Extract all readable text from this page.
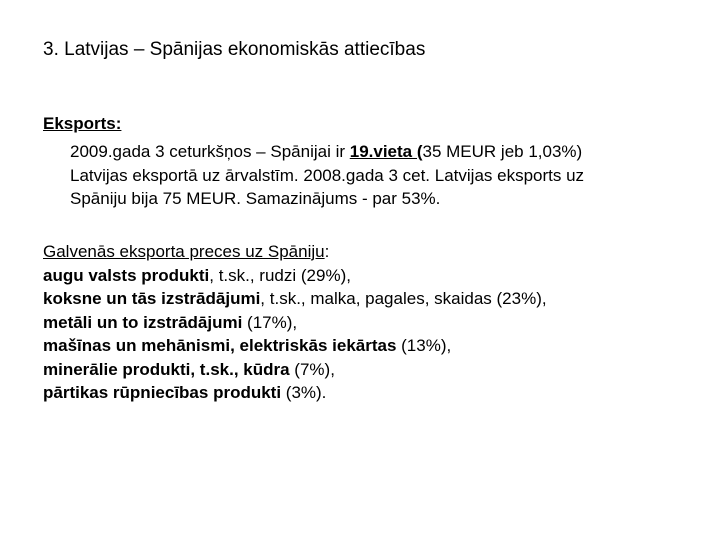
3. Latvijas – Spānijas ekonomiskās attiecības
Eksports:
2009.gada 3 ceturkšņos – Spānijai ir 19.vieta (35 MEUR jeb 1,03%)
Latvijas eksportā uz ārvalstīm. 2008.gada 3 cet. Latvijas eksports uz
Spāniju bija 75 MEUR. Samazinājums - par 53%.
Galvenās eksporta preces uz Spāniju:
augu valsts produkti, t.sk., rudzi (29%),
koksne un tās izstrādājumi, t.sk., malka, pagales, skaidas (23%),
metāli un to izstrādājumi (17%),
mašīnas un mehānismi, elektriskās iekārtas (13%),
minerālie produkti, t.sk., kūdra (7%),
pārtikas rūpniecības produkti (3%).
